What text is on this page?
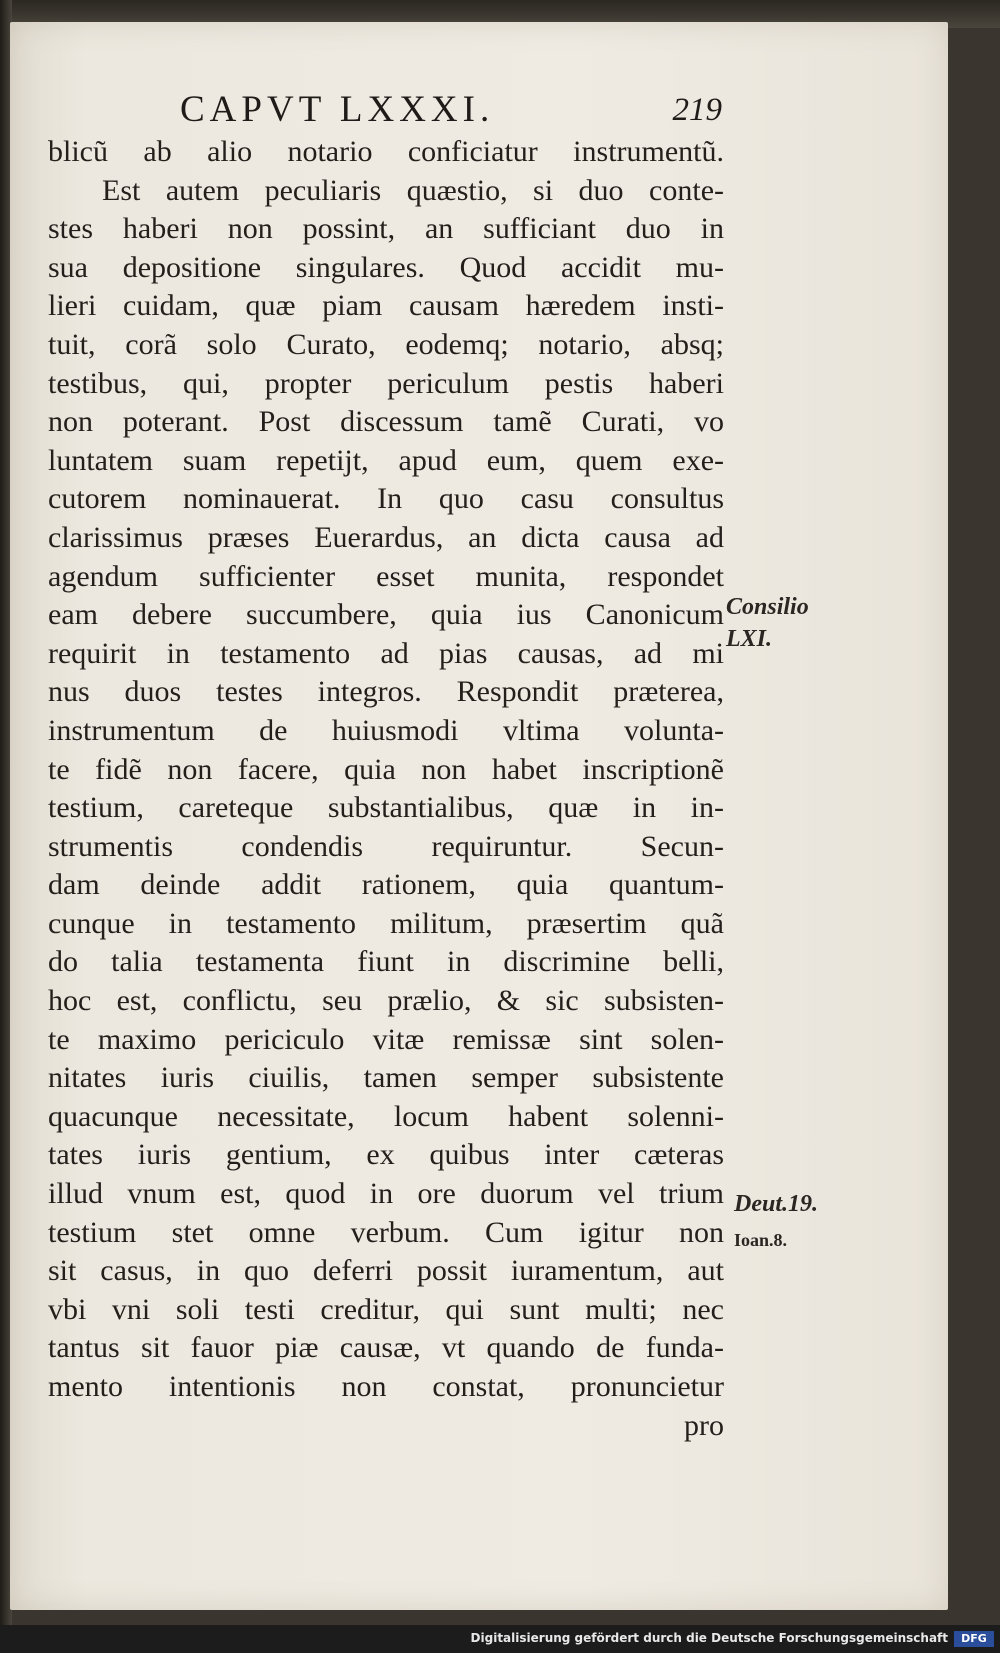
CAPVT LXXXI.	219
blicũ ab alio notario conficiatur instrumentũ.
Est autem peculiaris quæstio, si duo conte-
stes haberi non possint, an sufficiant duo in
sua depositione singulares. Quod accidit mu-
lieri cuidam, quæ piam causam hæredem insti-
tuit, corã solo Curato, eodemq; notario, absq;
testibus, qui, propter periculum pestis haberi
non poterant. Post discessum tamẽ Curati, vo
luntatem suam repetijt, apud eum, quem exe-
cutorem nominauerat. In quo casu consultus
clarissimus præses Euerardus, an dicta causa ad
agendum sufficienter esset munita, respondet
eam debere succumbere, quia ius Canonicum
requirit in testamento ad pias causas, ad mi
nus duos testes integros. Respondit præterea,
instrumentum de huiusmodi vltima volunta-
te fidẽ non facere, quia non habet inscriptionẽ
testium, careteque substantialibus, quæ in in-
strumentis condendis requiruntur. Secun-
dam deinde addit rationem, quia quantum-
cunque in testamento militum, præsertim quã
do talia testamenta fiunt in discrimine belli,
hoc est, conflictu, seu prælio, & sic subsisten-
te maximo periciculo vitæ remissæ sint solen-
nitates iuris ciuilis, tamen semper subsistente
quacunque necessitate, locum habent solenni-
tates iuris gentium, ex quibus inter cæteras
illud vnum est, quod in ore duorum vel trium
testium stet omne verbum. Cum igitur non
sit casus, in quo deferri possit iuramentum, aut
vbi vni soli testi creditur, qui sunt multi; nec
tantus sit fauor piæ causæ, vt quando de funda-
mento intentionis non constat, pronuncietur
pro
Consilio
LXI.
Deut.19.
Ioan.8.
Digitalisierung gefördert durch die Deutsche Forschungsgemeinschaft	DFG
